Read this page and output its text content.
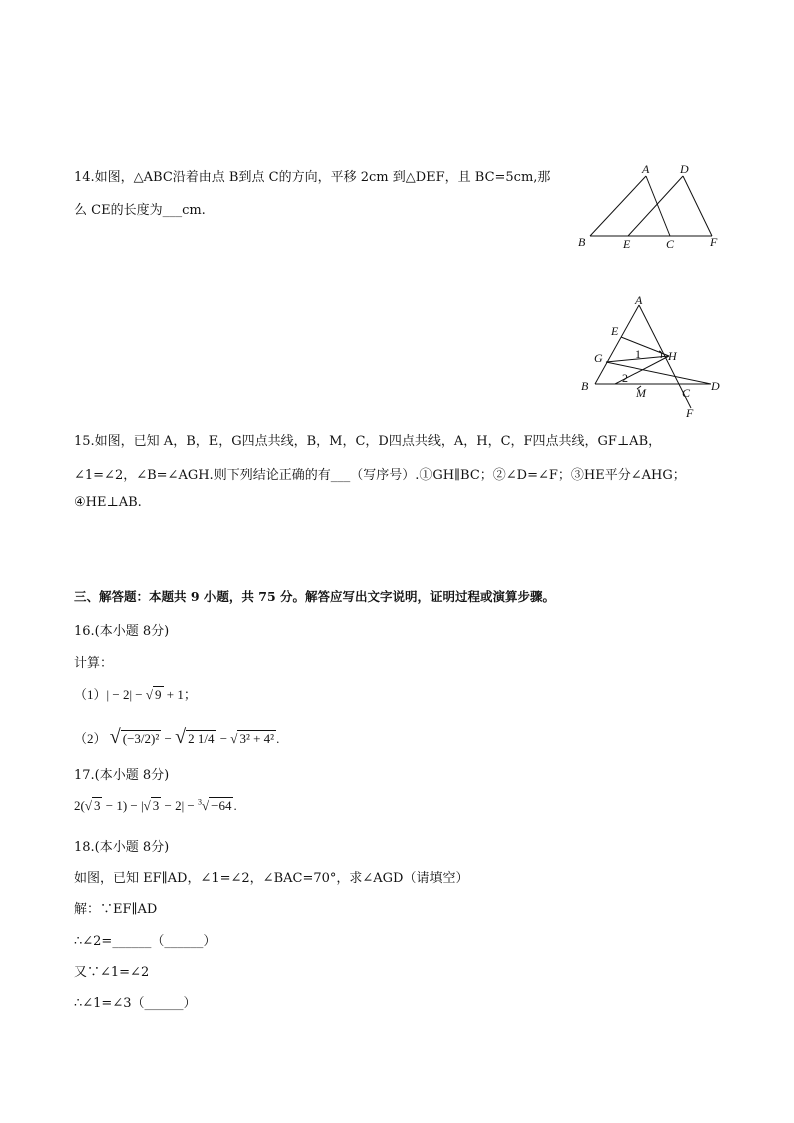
14.如图，△ABC沿着由点 B到点 C的方向，平移 2cm 到△DEF，且 BC=5cm,那
么 CE的长度为___cm.
A	D
B	E	C	F
A
E
G	H
B	D
M	C
F
1
2
15.如图，已知 A，B，E，G四点共线，B，M，C，D四点共线，A，H，C，F四点共线，GF⊥AB，
∠1=∠2，∠B=∠AGH.则下列结论正确的有___（写序号）.①GH∥BC；②∠D=∠F；③HE平分∠AHG；
④HE⊥AB.
三、解答题：本题共 9 小题，共 75 分。解答应写出文字说明，证明过程或演算步骤。
16.(本小题 8分)
计算：
（1）| − 2| − √ 9 + 1；
（2） √ (−3/2)² − √ 2 1/4 − √ 3² + 4² .
17.(本小题 8分)
2(√ 3 − 1) − |√ 3 − 2| − $^3$√ −64 .
18.(本小题 8分)
如图，已知 EF∥AD，∠1=∠2，∠BAC=70°，求∠AGD（请填空）
解：∵EF∥AD
∴∠2=______（______）
又∵∠1=∠2
∴∠1=∠3（______）
